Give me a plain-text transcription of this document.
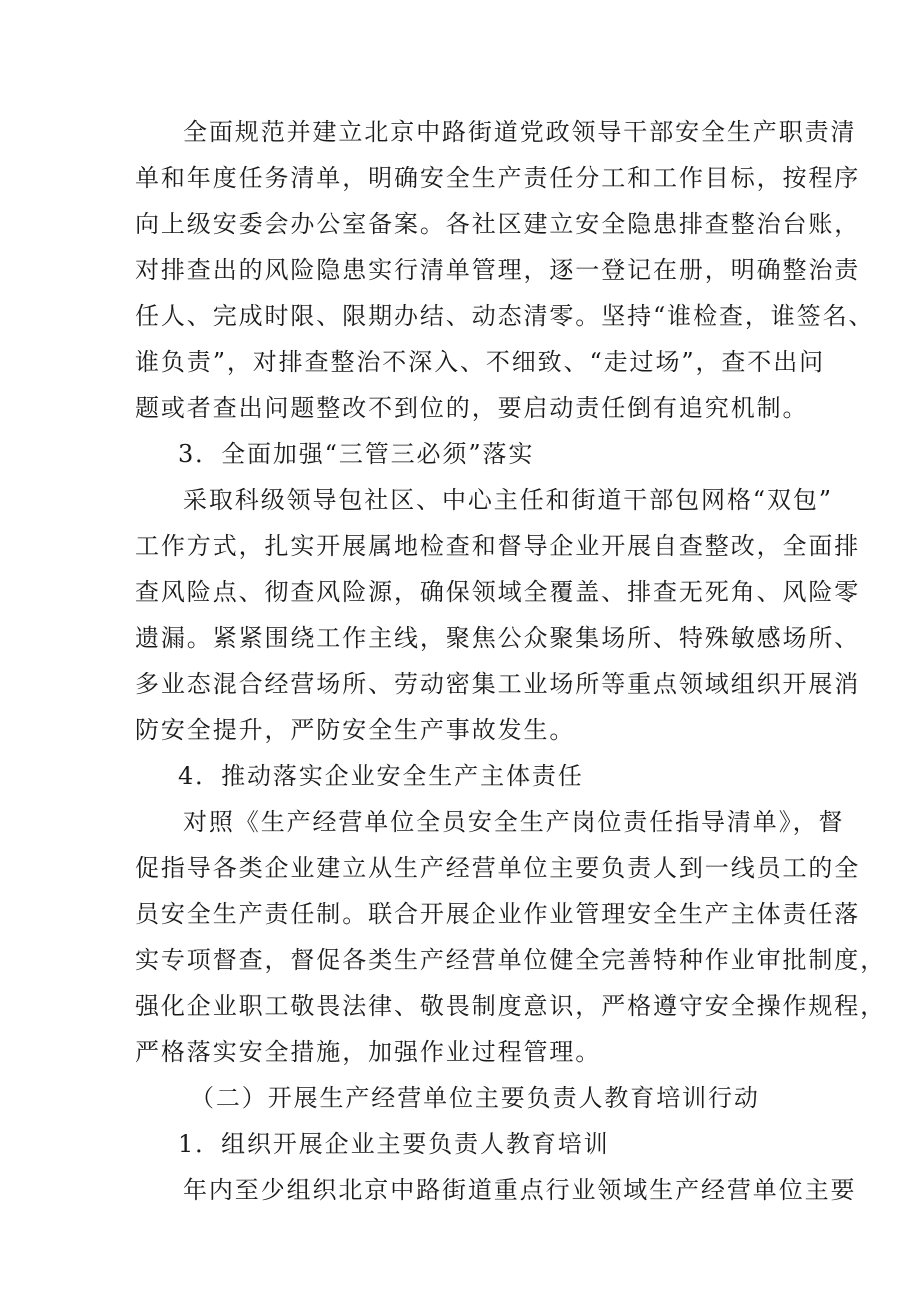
全面规范并建立北京中路街道党政领导干部安全生产职责清
单和年度任务清单，明确安全生产责任分工和工作目标，按程序
向上级安委会办公室备案。各社区建立安全隐患排查整治台账，
对排查出的风险隐患实行清单管理，逐一登记在册，明确整治责
任人、完成时限、限期办结、动态清零。坚持“谁检查，谁签名、
谁负责”，对排查整治不深入、不细致、“走过场”，查不出问
题或者查出问题整改不到位的，要启动责任倒有追究机制。
3．全面加强“三管三必须”落实
采取科级领导包社区、中心主任和街道干部包网格“双包”
工作方式，扎实开展属地检查和督导企业开展自查整改，全面排
查风险点、彻查风险源，确保领域全覆盖、排查无死角、风险零
遗漏。紧紧围绕工作主线，聚焦公众聚集场所、特殊敏感场所、
多业态混合经营场所、劳动密集工业场所等重点领域组织开展消
防安全提升，严防安全生产事故发生。
4．推动落实企业安全生产主体责任
对照《生产经营单位全员安全生产岗位责任指导清单》，督
促指导各类企业建立从生产经营单位主要负责人到一线员工的全
员安全生产责任制。联合开展企业作业管理安全生产主体责任落
实专项督查，督促各类生产经营单位健全完善特种作业审批制度，
强化企业职工敬畏法律、敬畏制度意识，严格遵守安全操作规程，
严格落实安全措施，加强作业过程管理。
（二）开展生产经营单位主要负责人教育培训行动
1．组织开展企业主要负责人教育培训
年内至少组织北京中路街道重点行业领域生产经营单位主要
